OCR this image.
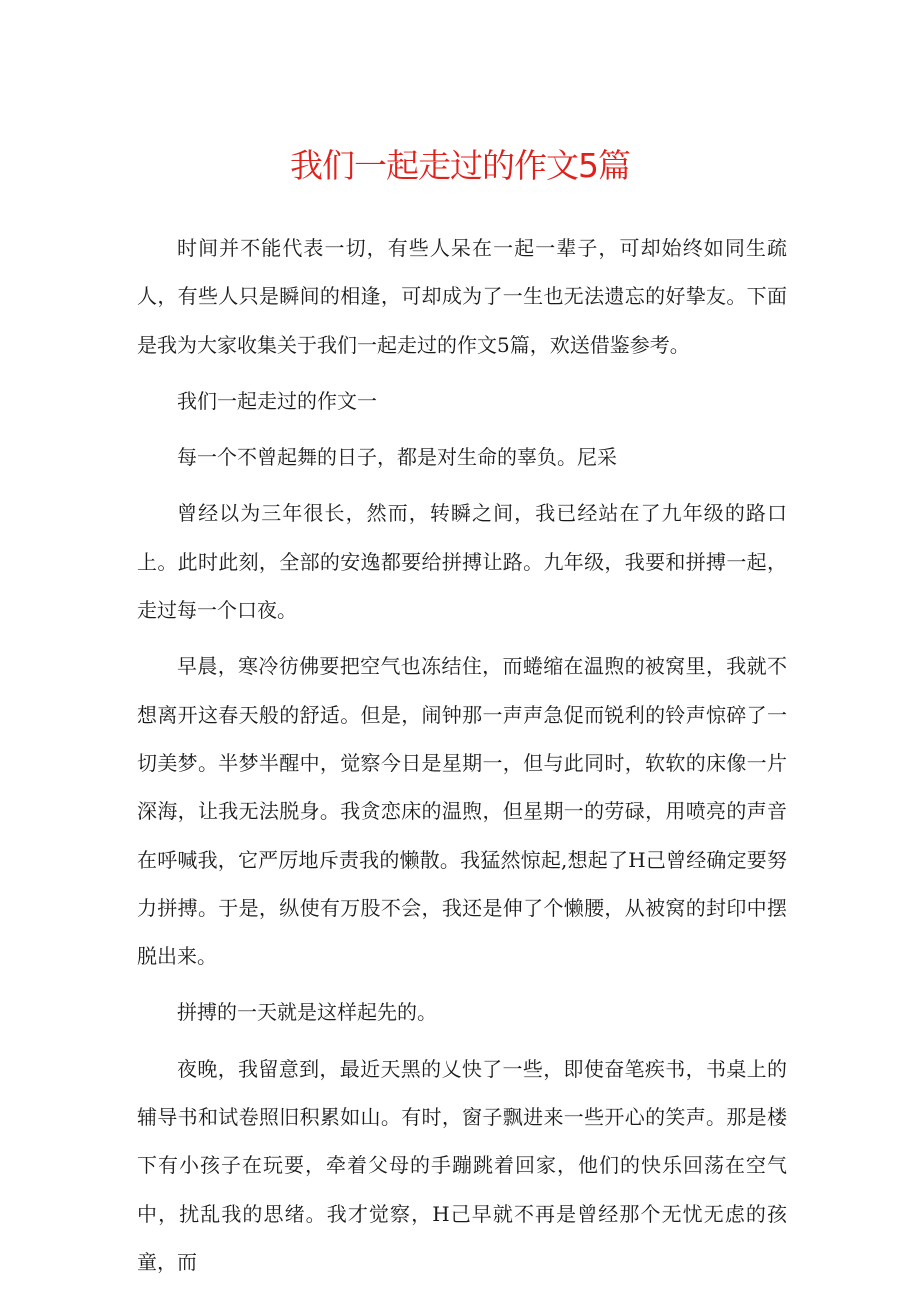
我们一起走过的作文5篇

时间并不能代表一切，有些人呆在一起一辈子，可却始终如同生疏人，有些人只是瞬间的相逢，可却成为了一生也无法遗忘的好挚友。下面是我为大家收集关于我们一起走过的作文5篇，欢送借鉴参考。

我们一起走过的作文一

每一个不曾起舞的日子，都是对生命的辜负。尼采

曾经以为三年很长，然而，转瞬之间，我已经站在了九年级的路口上。此时此刻，全部的安逸都要给拼搏让路。九年级，我要和拼搏一起，走过每一个口夜。

早晨，寒冷彷佛要把空气也冻结住，而蜷缩在温煦的被窝里，我就不想离开这春天般的舒适。但是，闹钟那一声声急促而锐利的铃声惊碎了一切美梦。半梦半醒中，觉察今日是星期一，但与此同时，软软的床像一片深海，让我无法脱身。我贪恋床的温煦，但星期一的劳碌，用喷亮的声音在呼喊我，它严厉地斥责我的懒散。我猛然惊起,想起了H己曾经确定要努力拼搏。于是，纵使有万股不会，我还是伸了个懒腰，从被窝的封印中摆脱出来。

拼搏的一天就是这样起先的。

夜晚，我留意到，最近天黑的乂快了一些，即使奋笔疾书，书桌上的辅导书和试卷照旧积累如山。有时，窗子飘进来一些开心的笑声。那是楼下有小孩子在玩要，牵着父母的手蹦跳着回家，他们的快乐回荡在空气中，扰乱我的思绪。我才觉察，H己早就不再是曾经那个无忧无虑的孩童，而
